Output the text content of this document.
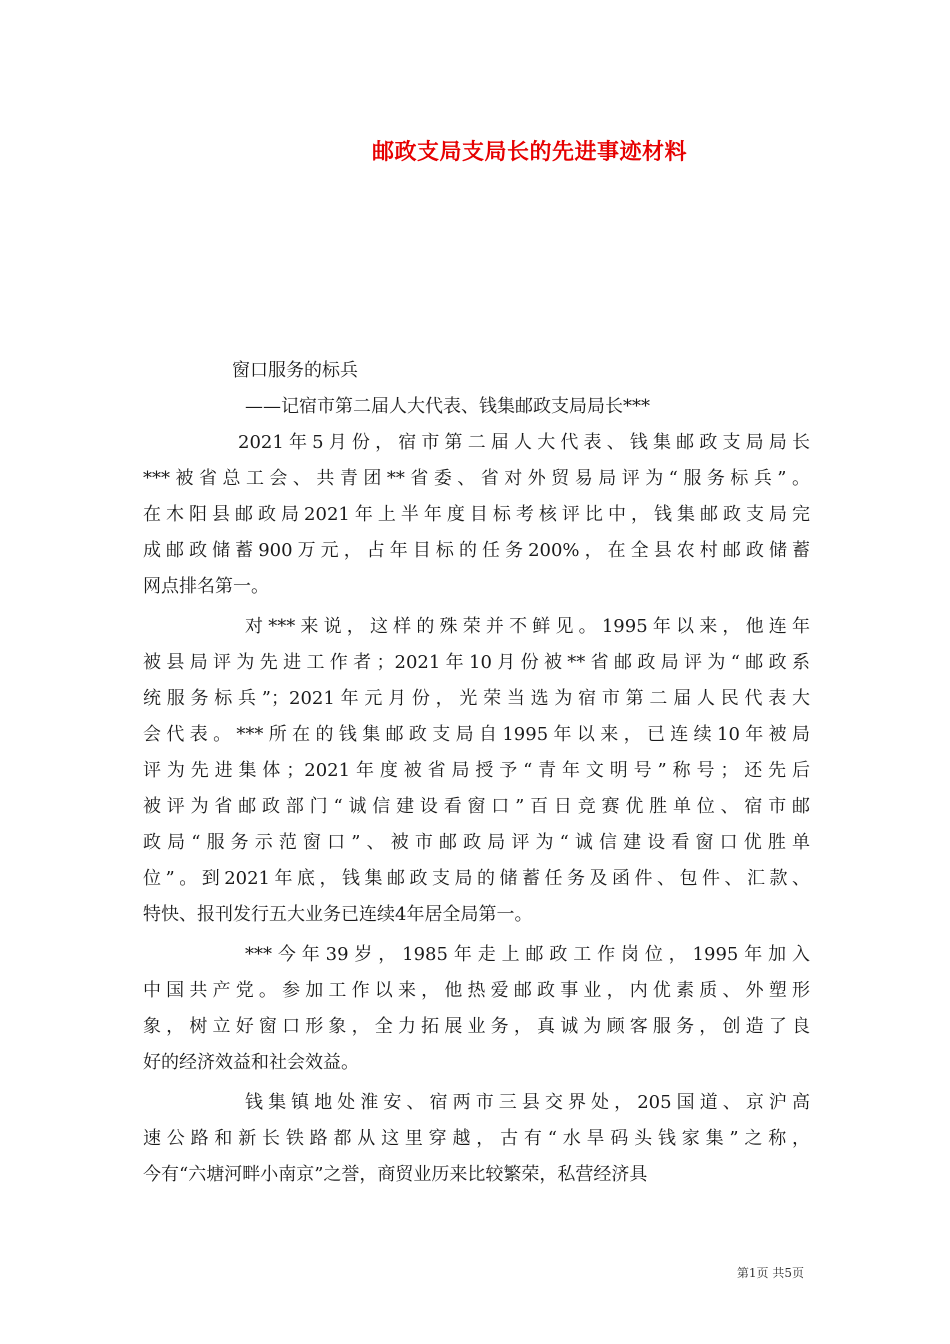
邮政支局支局长的先进事迹材料

窗口服务的标兵

——记宿市第二届人大代表、钱集邮政支局局长***

2021年5月份，宿市第二届人大代表、钱集邮政支局局长

***被省总工会、共青团**省委、省对外贸易局评为“服务标兵”。

在木阳县邮政局2021年上半年度目标考核评比中，钱集邮政支局完

成邮政储蓄900万元，占年目标的任务200%，在全县农村邮政储蓄

网点排名第一。

对***来说，这样的殊荣并不鲜见。1995年以来，他连年

被县局评为先进工作者；2021年10月份被**省邮政局评为“邮政系

统服务标兵”；2021年元月份，光荣当选为宿市第二届人民代表大

会代表。***所在的钱集邮政支局自1995年以来，已连续10年被局

评为先进集体；2021年度被省局授予“青年文明号”称号；还先后

被评为省邮政部门“诚信建设看窗口”百日竞赛优胜单位、宿市邮

政局“服务示范窗口”、被市邮政局评为“诚信建设看窗口优胜单

位”。到2021年底，钱集邮政支局的储蓄任务及函件、包件、汇款、

特快、报刊发行五大业务已连续4年居全局第一。

***今年39岁，1985年走上邮政工作岗位，1995年加入

中国共产党。参加工作以来，他热爱邮政事业，内优素质、外塑形

象，树立好窗口形象，全力拓展业务，真诚为顾客服务，创造了良

好的经济效益和社会效益。

钱集镇地处淮安、宿两市三县交界处，205国道、京沪高

速公路和新长铁路都从这里穿越，古有“水旱码头钱家集”之称，

今有“六塘河畔小南京”之誉，商贸业历来比较繁荣，私营经济具

第1页 共5页
